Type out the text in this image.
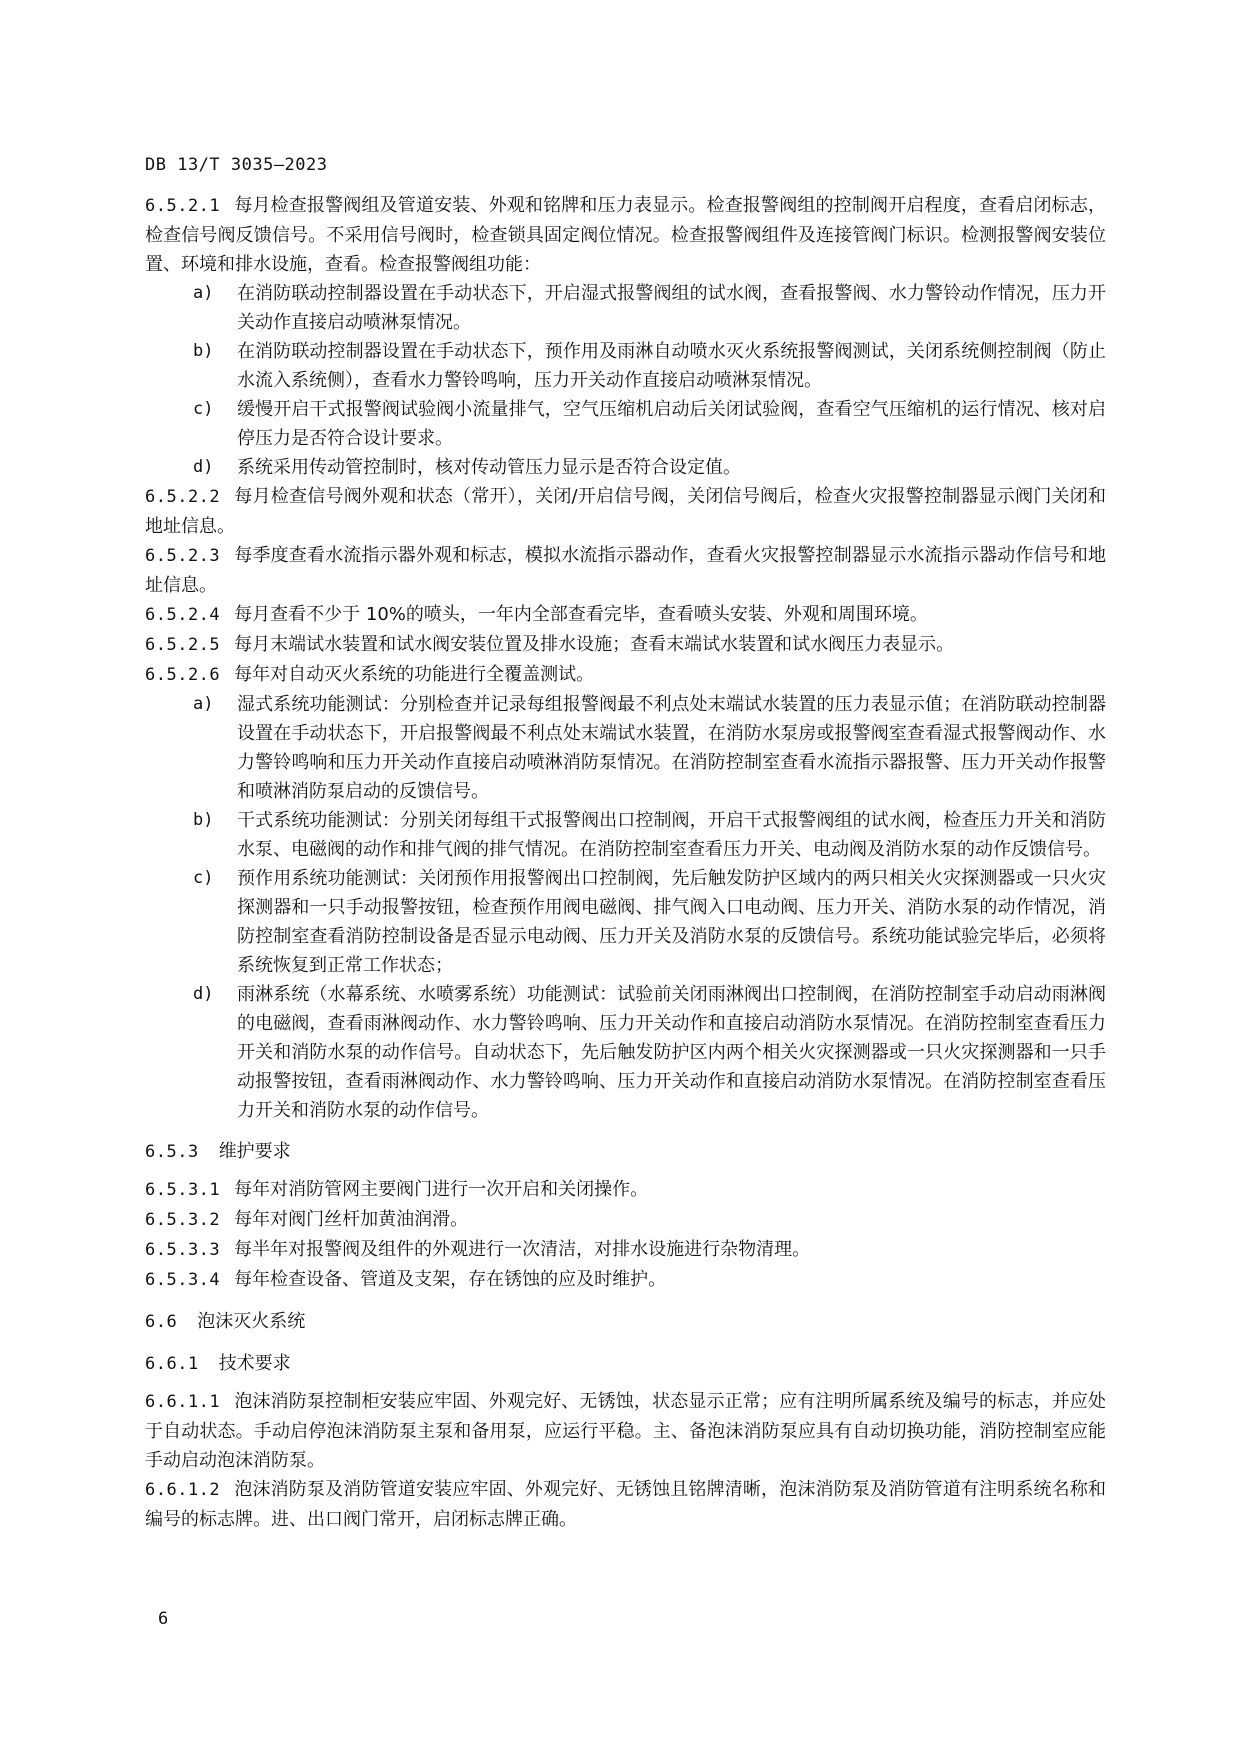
DB 13/T 3035—2023

6.5.2.1 每月检查报警阀组及管道安装、外观和铭牌和压力表显示。检查报警阀组的控制阀开启程度，查看启闭标志，检查信号阀反馈信号。不采用信号阀时，检查锁具固定阀位情况。检查报警阀组件及连接管阀门标识。检测报警阀安装位置、环境和排水设施，查看。检查报警阀组功能：

a) 在消防联动控制器设置在手动状态下，开启湿式报警阀组的试水阀，查看报警阀、水力警铃动作情况，压力开关动作直接启动喷淋泵情况。
b) 在消防联动控制器设置在手动状态下，预作用及雨淋自动喷水灭火系统报警阀测试，关闭系统侧控制阀（防止水流入系统侧），查看水力警铃鸣响，压力开关动作直接启动喷淋泵情况。
c) 缓慢开启干式报警阀试验阀小流量排气，空气压缩机启动后关闭试验阀，查看空气压缩机的运行情况、核对启停压力是否符合设计要求。
d) 系统采用传动管控制时，核对传动管压力显示是否符合设定值。

6.5.2.2 每月检查信号阀外观和状态（常开），关闭/开启信号阀，关闭信号阀后，检查火灾报警控制器显示阀门关闭和地址信息。

6.5.2.3 每季度查看水流指示器外观和标志，模拟水流指示器动作，查看火灾报警控制器显示水流指示器动作信号和地址信息。

6.5.2.4 每月查看不少于 10%的喷头，一年内全部查看完毕，查看喷头安装、外观和周围环境。

6.5.2.5 每月末端试水装置和试水阀安装位置及排水设施；查看末端试水装置和试水阀压力表显示。

6.5.2.6 每年对自动灭火系统的功能进行全覆盖测试。

a) 湿式系统功能测试：分别检查并记录每组报警阀最不利点处末端试水装置的压力表显示值；在消防联动控制器设置在手动状态下，开启报警阀最不利点处末端试水装置，在消防水泵房或报警阀室查看湿式报警阀动作、水力警铃鸣响和压力开关动作直接启动喷淋消防泵情况。在消防控制室查看水流指示器报警、压力开关动作报警和喷淋消防泵启动的反馈信号。
b) 干式系统功能测试：分别关闭每组干式报警阀出口控制阀，开启干式报警阀组的试水阀，检查压力开关和消防水泵、电磁阀的动作和排气阀的排气情况。在消防控制室查看压力开关、电动阀及消防水泵的动作反馈信号。
c) 预作用系统功能测试：关闭预作用报警阀出口控制阀，先后触发防护区域内的两只相关火灾探测器或一只火灾探测器和一只手动报警按钮，检查预作用阀电磁阀、排气阀入口电动阀、压力开关、消防水泵的动作情况，消防控制室查看消防控制设备是否显示电动阀、压力开关及消防水泵的反馈信号。系统功能试验完毕后，必须将系统恢复到正常工作状态；
d) 雨淋系统（水幕系统、水喷雾系统）功能测试：试验前关闭雨淋阀出口控制阀，在消防控制室手动启动雨淋阀的电磁阀，查看雨淋阀动作、水力警铃鸣响、压力开关动作和直接启动消防水泵情况。在消防控制室查看压力开关和消防水泵的动作信号。自动状态下，先后触发防护区内两个相关火灾探测器或一只火灾探测器和一只手动报警按钮，查看雨淋阀动作、水力警铃鸣响、压力开关动作和直接启动消防水泵情况。在消防控制室查看压力开关和消防水泵的动作信号。
6.5.3 维护要求

6.5.3.1 每年对消防管网主要阀门进行一次开启和关闭操作。

6.5.3.2 每年对阀门丝杆加黄油润滑。

6.5.3.3 每半年对报警阀及组件的外观进行一次清洁，对排水设施进行杂物清理。

6.5.3.4 每年检查设备、管道及支架，存在锈蚀的应及时维护。

6.6 泡沫灭火系统
6.6.1 技术要求

6.6.1.1 泡沫消防泵控制柜安装应牢固、外观完好、无锈蚀，状态显示正常；应有注明所属系统及编号的标志，并应处于自动状态。手动启停泡沫消防泵主泵和备用泵，应运行平稳。主、备泡沫消防泵应具有自动切换功能，消防控制室应能手动启动泡沫消防泵。

6.6.1.2 泡沫消防泵及消防管道安装应牢固、外观完好、无锈蚀且铭牌清晰，泡沫消防泵及消防管道有注明系统名称和编号的标志牌。进、出口阀门常开，启闭标志牌正确。

6
